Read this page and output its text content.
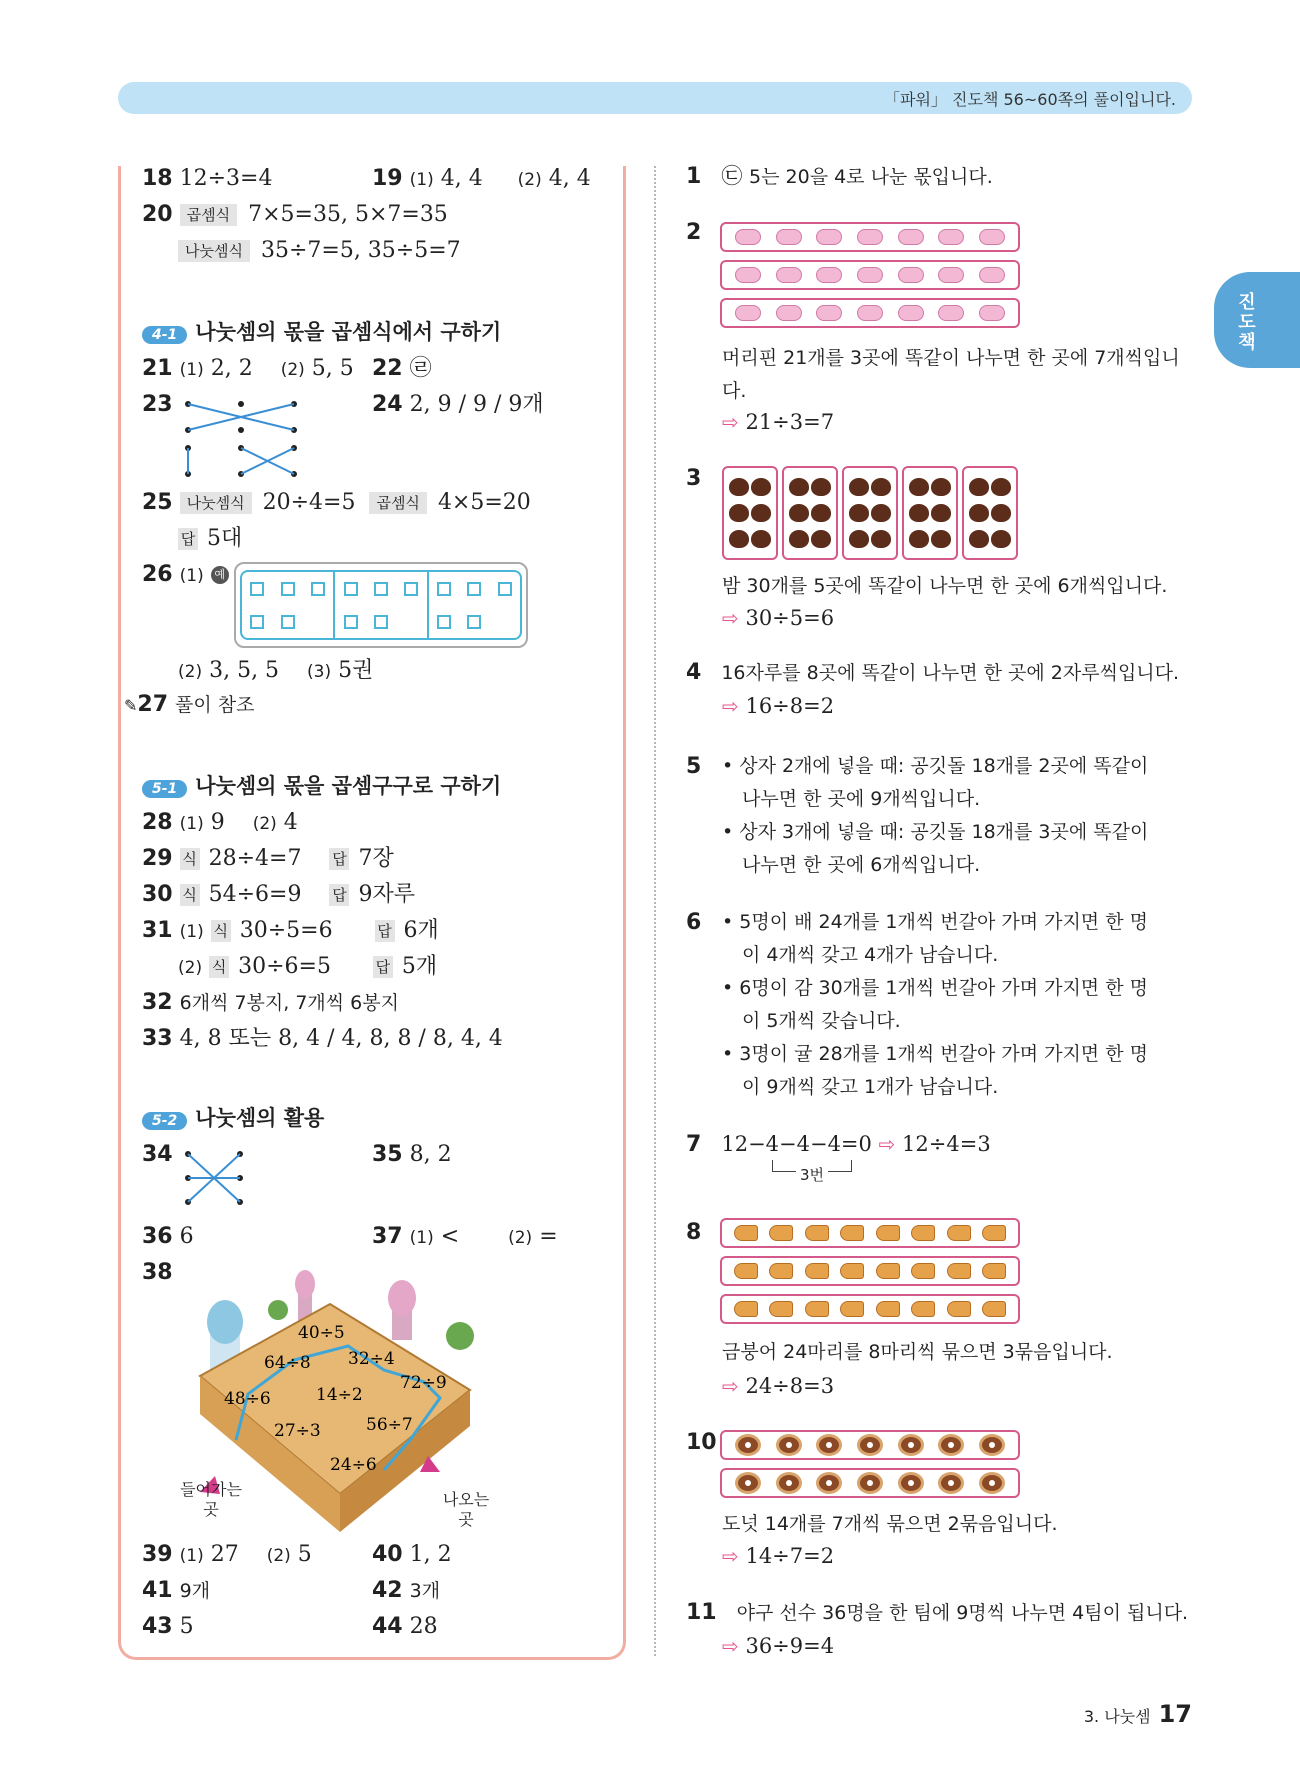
「파워」 진도책 56~60쪽의 풀이입니다.
진도책
18 12÷3=4	19 (1) 4, 4 (2) 4, 4
20 곱셈식 7×5=35, 5×7=35
나눗셈식 35÷7=5, 35÷5=7
4-1 나눗셈의 몫을 곱셈식에서 구하기
21 (1) 2, 2 (2) 5, 5 22 ㉣
23	24 2, 9 / 9 / 9개
25 나눗셈식 20÷4=5 곱셈식 4×5=20
답 5대
26 (1) 예
(2) 3, 5, 5 (3) 5권
✎27 풀이 참조
5-1 나눗셈의 몫을 곱셈구구로 구하기
28 (1) 9 (2) 4
29 식 28÷4=7 답 7장
30 식 54÷6=9 답 9자루
31 (1) 식 30÷5=6	답 6개
(2) 식 30÷6=5	답 5개
32 6개씩 7봉지, 7개씩 6봉지
33 4, 8 또는 8, 4 / 4, 8, 8 / 8, 4, 4
5-2 나눗셈의 활용
34	35 8, 2
36 6	37 (1) <	(2) =
38
40÷5
32÷4
64÷8
72÷9
48÷6	14÷2
27÷3	56÷7
24÷6
들어가는 곳
나오는 곳
39 (1) 27 (2) 5	40 1, 2
41 9개	42 3개
43 5	44 28
1 ㉢ 5는 20을 4로 나눈 몫입니다.
2
머리핀 21개를 3곳에 똑같이 나누면 한 곳에 7개씩입니다.
⇨ 21÷3=7
3
밤 30개를 5곳에 똑같이 나누면 한 곳에 6개씩입니다.
⇨ 30÷5=6
4 16자루를 8곳에 똑같이 나누면 한 곳에 2자루씩입니다.
⇨ 16÷8=2
5 • 상자 2개에 넣을 때: 공깃돌 18개를 2곳에 똑같이
나누면 한 곳에 9개씩입니다.
• 상자 3개에 넣을 때: 공깃돌 18개를 3곳에 똑같이
나누면 한 곳에 6개씩입니다.
6 • 5명이 배 24개를 1개씩 번갈아 가며 가지면 한 명
이 4개씩 갖고 4개가 남습니다.
• 6명이 감 30개를 1개씩 번갈아 가며 가지면 한 명
이 5개씩 갖습니다.
• 3명이 귤 28개를 1개씩 번갈아 가며 가지면 한 명
이 9개씩 갖고 1개가 남습니다.
7 12−4−4−4=0 ⇨ 12÷4=3
3번
8
금붕어 24마리를 8마리씩 묶으면 3묶음입니다.
⇨ 24÷8=3
10
도넛 14개를 7개씩 묶으면 2묶음입니다.
⇨ 14÷7=2
11 야구 선수 36명을 한 팀에 9명씩 나누면 4팀이 됩니다.
⇨ 36÷9=4
3. 나눗셈 17
